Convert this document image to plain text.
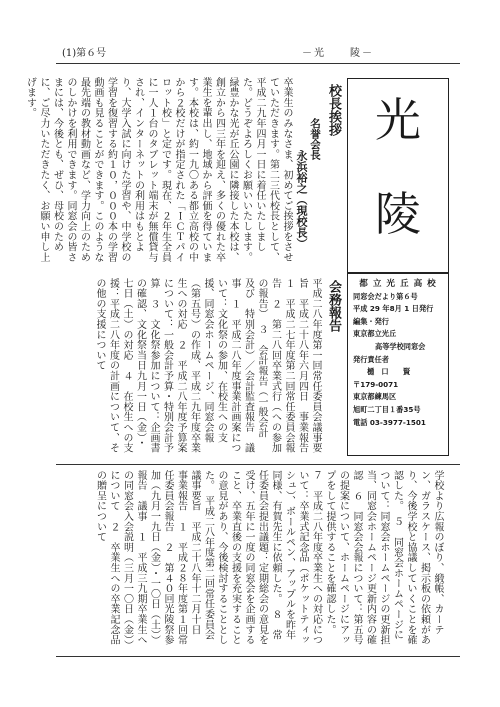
(1)第６号	－光　　陵－
光
陵
都 立 光 丘 高 校
同窓会だより第６号
平成 29 年8月 1 日発行
編集・発行
東京都立光丘
高等学校同窓会
発行責任者
樋　口　　賢
〒179-0071
東京都練馬区
旭町二丁目１番35号
電話 03-3977-1501
校長挨拶
名誉会長
永浜裕之（現校長）
卒業生のみなさま、初めてご挨拶をさせていただきます。第二三代校長として、平成二九年四月一日に着任いたしました。どうぞよろしくお願いいたします。緑豊かな光が丘公園に隣接した本校は、創立から四三年を迎え、多くの優れた卒業生を輩出し、地域から評価を得ています。本校は、約一九〇ある都立高校の中から２校だけが指定された「ＩＣＴパイロット校」と定です。現在、２年生全員に一人１台のタブレット端末が無償貸与され、インターネットの利用はもとより、大学入試に向けた学習や、中学校の学習を復習する約１０，０００本の学習動画も見ることができます。このような最先端の教材動画など、学力向上のためのしかけを利用できます。同窓会の皆さまには、今後とも、ぜひ、母校のために、ご尽力いただきたく、お願い申し上げます。
会務報告
平成二八年度第一回常任委員会議事要旨　平成二十八年六月四日　事業報告　１　平成二七年度第二回常任委員会報告　２　第二八回卒業式行（への参加の報告）　３　会計報告（一般会計　及び　特別会計）／会計監査報告　議事　１　平成二八年度事業計画案について：文化祭の参加、在校生への支援、同窓会ホームページ、同窓会報（第五号）の作成、平成二九年度卒業生への対応　２　平成二八年度予算案について：一般会計予算・特別会計予算　３　文化祭参加について：企画書の確認、文化祭当日九月一日（金）・七日（土）の対応　４　在校生への支援：平成二八年度の計画について、その他の支援について
学校より広報のぼり、緞帳、カーテン、ガラスケース、掲示板の依頼があり、今後学校と協議していくことを確認した。　５　同窓会ホームページについて：同窓会ホームページの更新担当、同窓会ホームページ更新内容の確認　６　同窓会会報について：第五号の提案について、ホームページにアップをして提供することを確認した。　７　平成二八年度卒業生への対応について：卒業式記念品（ポケットティッシュ）、ボールペン、アップルを昨年同様、有賀先生に依頼した。　８　常任委員会提出議題：定期総会の意見を受け、五年に一度の同窓会を企画すること、卒業直後の支援を充実することの意見があり、今後検討することとした。　平成二八年度第二回常任委員会議事要旨　平成二十八年十二月十日　事業報告　１　平成２８年度第１回常任委員会報告　２　第４０回光陵祭参加（九月一九日（金）・一〇日（土））報告　議事　１　平成三九期卒業生への同窓会入会説明（三月一〇日（金））について　２　卒業生への卒業記念品の贈呈について
